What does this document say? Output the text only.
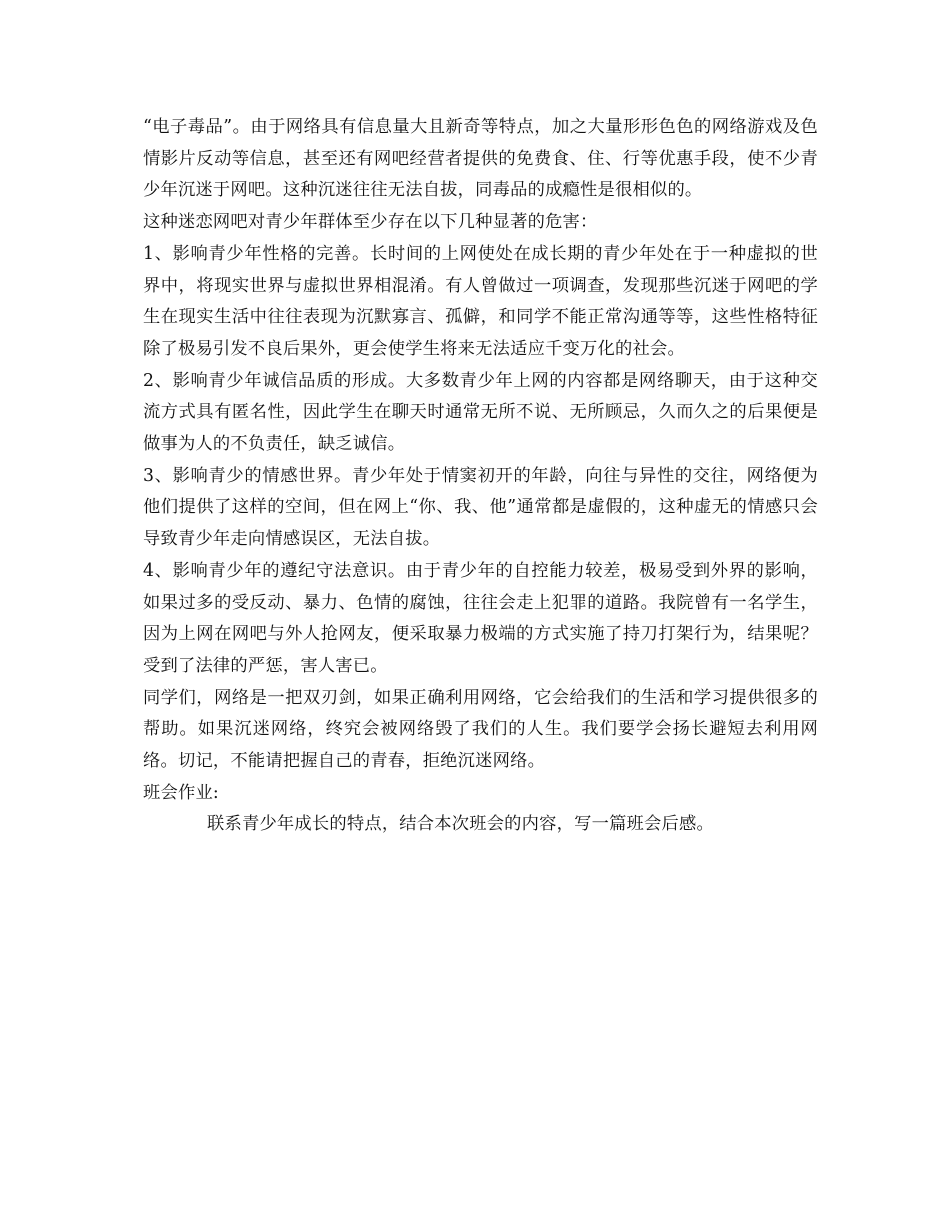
“电子毒品”。由于网络具有信息量大且新奇等特点，加之大量形形色色的网络游戏及色情影片反动等信息，甚至还有网吧经营者提供的免费食、住、行等优惠手段，使不少青少年沉迷于网吧。这种沉迷往往无法自拔，同毒品的成瘾性是很相似的。

这种迷恋网吧对青少年群体至少存在以下几种显著的危害：

1、影响青少年性格的完善。长时间的上网使处在成长期的青少年处在于一种虚拟的世界中，将现实世界与虚拟世界相混淆。有人曾做过一项调查，发现那些沉迷于网吧的学生在现实生活中往往表现为沉默寡言、孤僻，和同学不能正常沟通等等，这些性格特征除了极易引发不良后果外，更会使学生将来无法适应千变万化的社会。

2、影响青少年诚信品质的形成。大多数青少年上网的内容都是网络聊天，由于这种交流方式具有匿名性，因此学生在聊天时通常无所不说、无所顾忌，久而久之的后果便是做事为人的不负责任，缺乏诚信。

3、影响青少的情感世界。青少年处于情窦初开的年龄，向往与异性的交往，网络便为他们提供了这样的空间，但在网上“你、我、他”通常都是虚假的，这种虚无的情感只会导致青少年走向情感误区，无法自拔。

4、影响青少年的遵纪守法意识。由于青少年的自控能力较差，极易受到外界的影响，如果过多的受反动、暴力、色情的腐蚀，往往会走上犯罪的道路。我院曾有一名学生，因为上网在网吧与外人抢网友，便采取暴力极端的方式实施了持刀打架行为，结果呢？受到了法律的严惩，害人害已。

同学们，网络是一把双刃剑，如果正确利用网络，它会给我们的生活和学习提供很多的帮助。如果沉迷网络，终究会被网络毁了我们的人生。我们要学会扬长避短去利用网络。切记，不能请把握自己的青春，拒绝沉迷网络。

班会作业:

联系青少年成长的特点，结合本次班会的内容，写一篇班会后感。
